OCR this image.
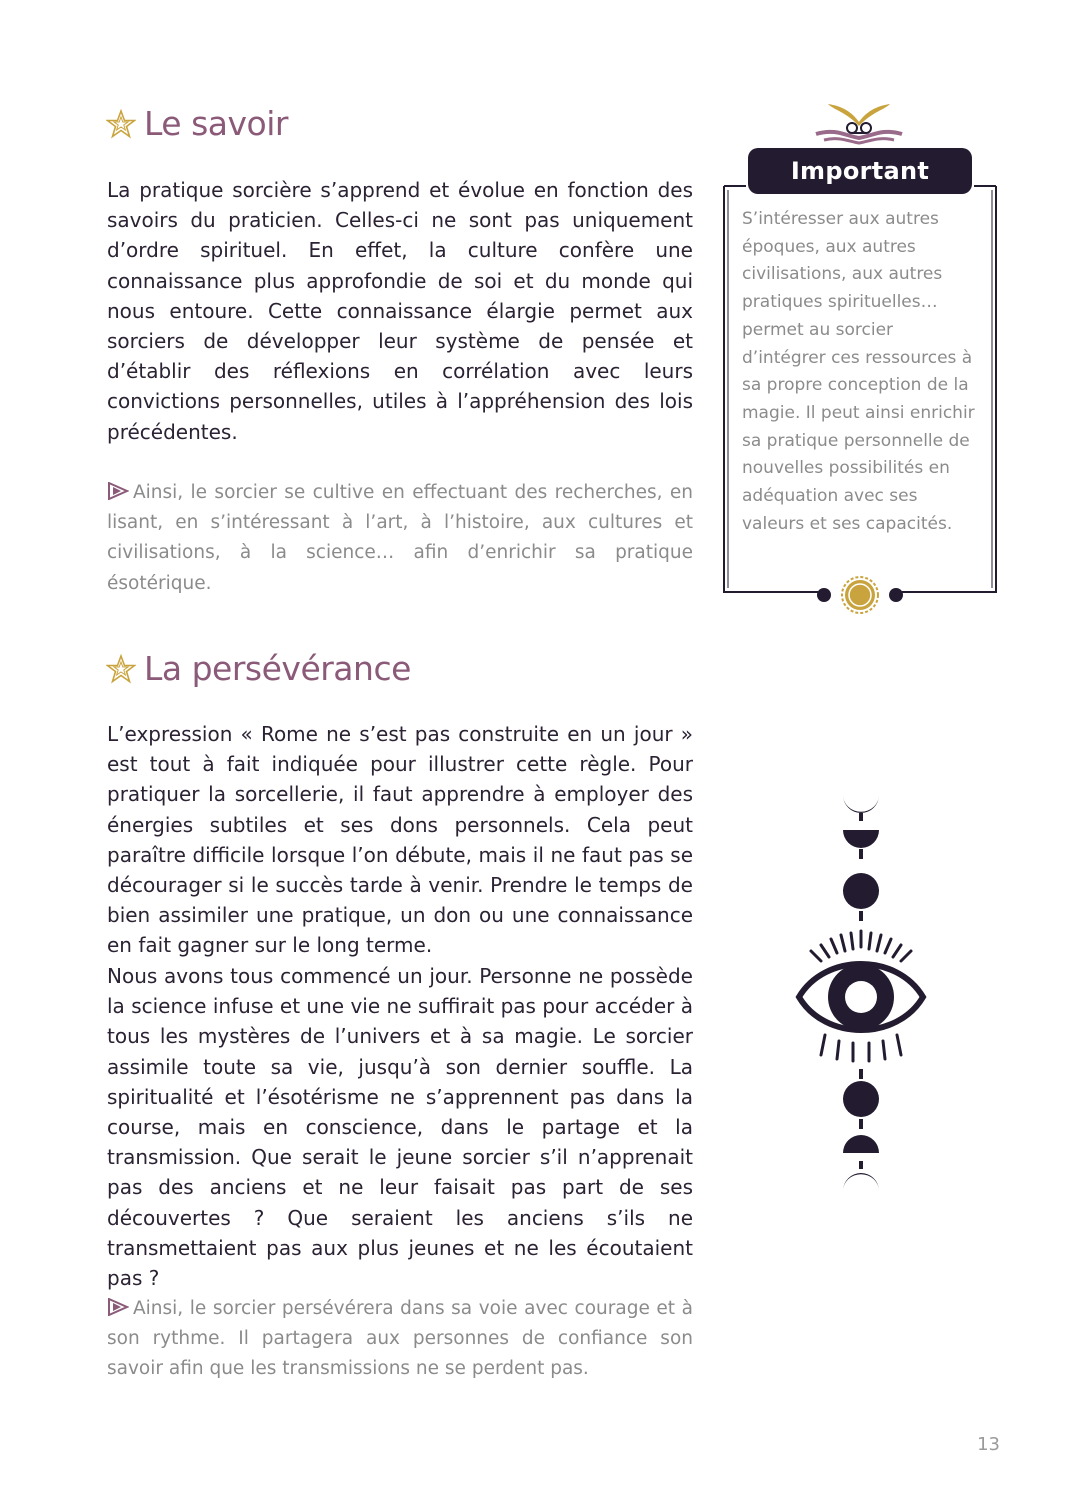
Le savoir

La pratique sorcière s’apprend et évolue en fonction des savoirs du praticien. Celles-ci ne sont pas uniquement d’ordre spirituel. En effet, la culture confère une connaissance plus approfondie de soi et du monde qui nous entoure. Cette connaissance élargie permet aux sorciers de développer leur système de pensée et d’établir des réflexions en corrélation avec leurs convictions personnelles, utiles à l’appréhension des lois précédentes.

Ainsi, le sorcier se cultive en effectuant des recherches, en lisant, en s’intéressant à l’art, à l’histoire, aux cultures et civilisations, à la science… afin d’enrichir sa pratique ésotérique.

Important

S’intéresser aux autres époques, aux autres civilisations, aux autres pratiques spirituelles… permet au sorcier d’intégrer ces ressources à sa propre conception de la magie. Il peut ainsi enrichir sa pratique personnelle de nouvelles possibilités en adéquation avec ses valeurs et ses capacités.

La persévérance

L’expression « Rome ne s’est pas construite en un jour » est tout à fait indiquée pour illustrer cette règle. Pour pratiquer la sorcellerie, il faut apprendre à employer des énergies subtiles et ses dons personnels. Cela peut paraître difficile lorsque l’on débute, mais il ne faut pas se décourager si le succès tarde à venir. Prendre le temps de bien assimiler une pratique, un don ou une connaissance en fait gagner sur le long terme.

Nous avons tous commencé un jour. Personne ne possède la science infuse et une vie ne suffirait pas pour accéder à tous les mystères de l’univers et à sa magie. Le sorcier assimile toute sa vie, jusqu’à son dernier souffle. La spiritualité et l’ésotérisme ne s’apprennent pas dans la course, mais en conscience, dans le partage et la transmission. Que serait le jeune sorcier s’il n’apprenait pas des anciens et ne leur faisait pas part de ses découvertes ? Que seraient les anciens s’ils ne transmettaient pas aux plus jeunes et ne les écoutaient pas ?

Ainsi, le sorcier persévérera dans sa voie avec courage et à son rythme. Il partagera aux personnes de confiance son savoir afin que les transmissions ne se perdent pas.

13
